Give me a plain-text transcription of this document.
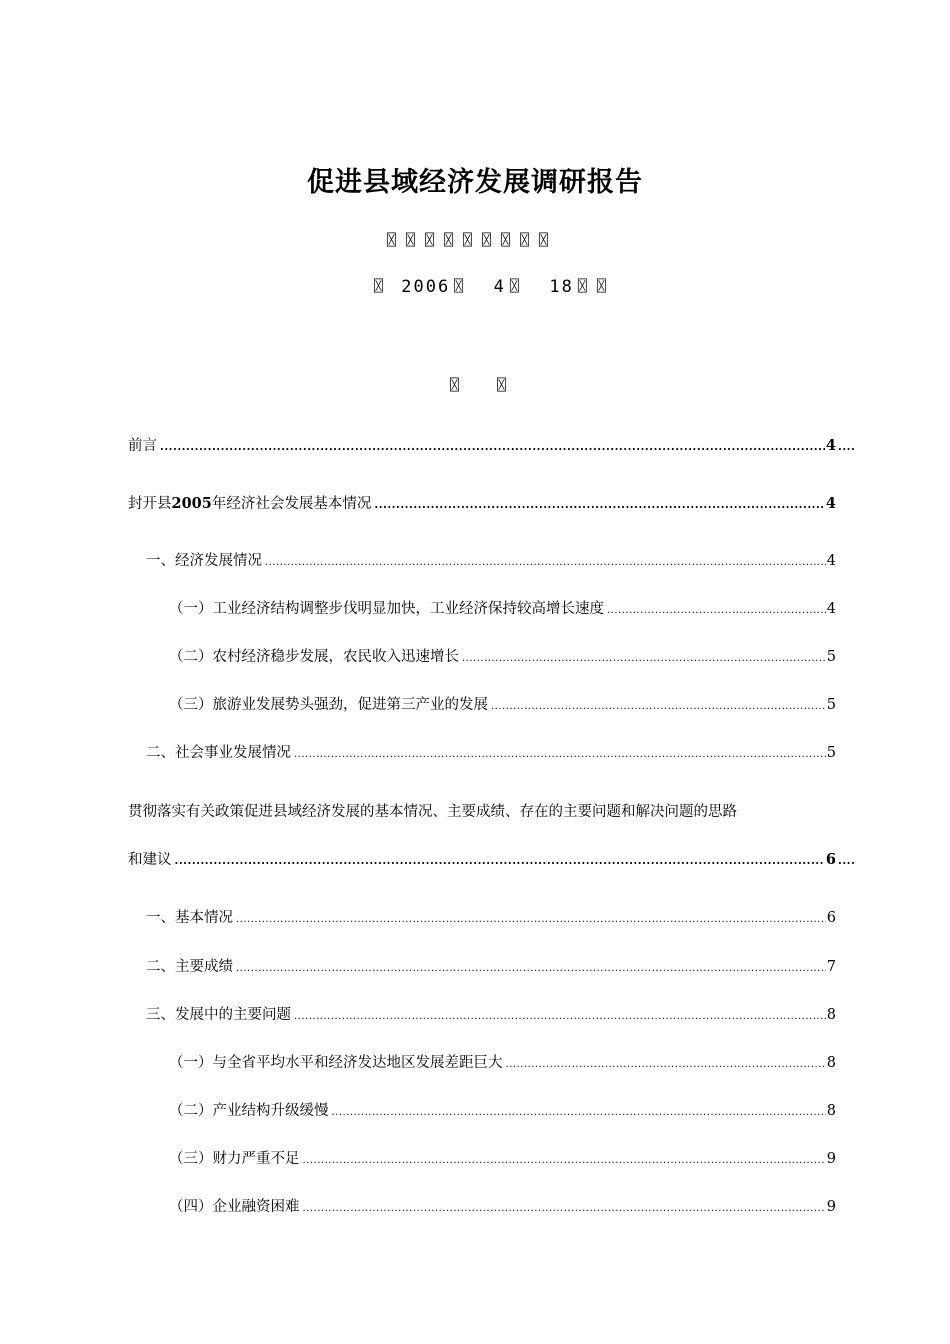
促进县域经济发展调研报告
〿〿〿〿〿〿〿〿〿
〿 2006〿  4〿  18〿〿
〿〿
前言 .....	4 ....
封开县2005年经济社会发展基本情况 .....	4
一、经济发展情况 .....	4
（一）工业经济结构调整步伐明显加快，工业经济保持较高增长速度 .....	4
（二）农村经济稳步发展，农民收入迅速增长 .....	5
（三）旅游业发展势头强劲，促进第三产业的发展 .....	5
二、社会事业发展情况 .....	5
贯彻落实有关政策促进县域经济发展的基本情况、主要成绩、存在的主要问题和解决问题的思路
和建议 .....	6 ....
一、基本情况 .....	6
二、主要成绩 .....	7
三、发展中的主要问题 .....	8
（一）与全省平均水平和经济发达地区发展差距巨大 .....	8
（二）产业结构升级缓慢 .....	8
（三）财力严重不足 .....	9
（四）企业融资困难 .....	9
